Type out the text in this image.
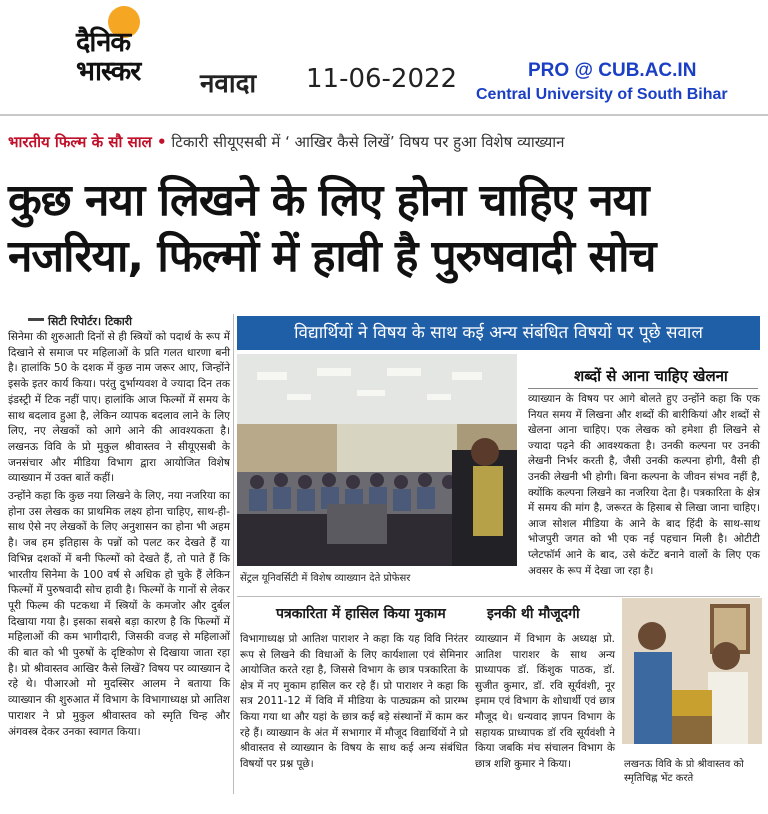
दैनिक भास्कर	नवादा 11-06-2022	PRO @ CUB.AC.IN
Central University of South Bihar
भारतीय फिल्म के सौ साल • टिकारी सीयूएसबी में ‘ आखिर कैसे लिखें’ विषय पर हुआ विशेष व्याख्यान
कुछ नया लिखने के लिए होना चाहिए नया
नजरिया, फिल्मों में हावी है पुरुषवादी सोच
सिटी रिपोर्टर। टिकारी

सिनेमा की शुरुआती दिनों से ही स्त्रियों को पदार्थ के रूप में दिखाने से समाज पर महिलाओं के प्रति गलत धारणा बनी है। हालांकि 50 के दशक में कुछ नाम जरूर आए, जिन्होंने इसके इतर कार्य किया। परंतु दुर्भाग्यवश वे ज्यादा दिन तक इंडस्ट्री में टिक नहीं पाए। हालांकि आज फिल्मों में समय के साथ बदलाव हुआ है, लेकिन व्यापक बदलाव लाने के लिए लिए, नए लेखकों को आगे आने की आवश्यकता है। लखनऊ विवि के प्रो मुकुल श्रीवास्तव ने सीयूएसबी के जनसंचार और मीडिया विभाग द्वारा आयोजित विशेष व्याख्यान में उक्त बातें कहीं।

उन्होंने कहा कि कुछ नया लिखने के लिए, नया नजरिया का होना उस लेखक का प्राथमिक लक्ष्य होना चाहिए, साथ-ही-साथ ऐसे नए लेखकों के लिए अनुशासन का होना भी अहम है। जब हम इतिहास के पन्नों को पलट कर देखते हैं या विभिन्न दशकों में बनी फिल्मों को देखते हैं, तो पाते हैं कि भारतीय सिनेमा के 100 वर्ष से अधिक हो चुके हैं लेकिन फिल्मों में पुरुषवादी सोच हावी है। फिल्मों के गानों से लेकर पूरी फिल्म की पटकथा में स्त्रियों के कमजोर और दुर्बल दिखाया गया है। इसका सबसे बड़ा कारण है कि फिल्मों में महिलाओं की कम भागीदारी, जिसकी वजह से महिलाओं की बात को भी पुरुषों के दृष्टिकोण से दिखाया जाता रहा है। प्रो श्रीवास्तव आखिर कैसे लिखें? विषय पर व्याख्यान दे रहे थे। पीआरओ मो मुदस्सिर आलम ने बताया कि व्याख्यान की शुरुआत में विभाग के विभागाध्यक्ष प्रो आतिश पाराशर ने प्रो मुकुल श्रीवास्तव को स्मृति चिन्ह और अंगवस्त्र देकर उनका स्वागत किया।

विद्यार्थियों ने विषय के साथ कई अन्य संबंधित विषयों पर पूछे सवाल
सेंट्रल यूनिवर्सिटी में विशेष व्याख्यान देते प्रोफेसर
शब्दों से आना चाहिए खेलना
व्याख्यान के विषय पर आगे बोलते हुए उन्होंने कहा कि एक नियत समय में लिखना और शब्दों की बारीकियां और शब्दों से खेलना आना चाहिए। एक लेखक को हमेशा ही लिखने से ज्यादा पढ़ने की आवश्यकता है। उनकी कल्पना पर उनकी लेखनी निर्भर करती है, जैसी उनकी कल्पना होगी, वैसी ही उनकी लेखनी भी होगी। बिना कल्पना के जीवन संभव नहीं है, क्योंकि कल्पना लिखने का नजरिया देता है। पत्रकारिता के क्षेत्र में समय की मांग है, जरूरत के हिसाब से लिखा जाना चाहिए। आज सोशल मीडिया के आने के बाद हिंदी के साथ-साथ भोजपुरी जगत को भी एक नई पहचान मिली है। ओटीटी प्लेटफॉर्म आने के बाद, उसे कंटेंट बनाने वालों के लिए एक अवसर के रूप में देखा जा रहा है।
पत्रकारिता में हासिल किया मुकाम
विभागाध्यक्ष प्रो आतिश पाराशर ने कहा कि यह विवि निरंतर रूप से लिखने की विधाओं के लिए कार्यशाला एवं सेमिनार आयोजित करते रहा है, जिससे विभाग के छात्र पत्रकारिता के क्षेत्र में नए मुकाम हासिल कर रहे हैं। प्रो पाराशर ने कहा कि सत्र 2011-12 में विवि में मीडिया के पाठ्यक्रम को प्रारम्भ किया गया था और यहां के छात्र कई बड़े संस्थानों में काम कर रहे हैं। व्याख्यान के अंत में सभागार में मौजूद विद्यार्थियों ने प्रो श्रीवास्तव से व्याख्यान के विषय के साथ कई अन्य संबंधित विषयों पर प्रश्न पूछे।
इनकी थी मौजूदगी
व्याख्यान में विभाग के अध्यक्ष प्रो. आतिश पाराशर के साथ अन्य प्राध्यापक डॉ. किंशुक पाठक, डॉ. सुजीत कुमार, डॉ. रवि सूर्यवंशी, नूर इमाम एवं विभाग के शोधार्थी एवं छात्र मौजूद थे। धन्यवाद ज्ञापन विभाग के सहायक प्राध्यापक डॉ रवि सूर्यवंशी ने किया जबकि मंच संचालन विभाग के छात्र शशि कुमार ने किया।	लखनऊ विवि के प्रो श्रीवास्तव को स्मृतिचिह्न भेंट करते
